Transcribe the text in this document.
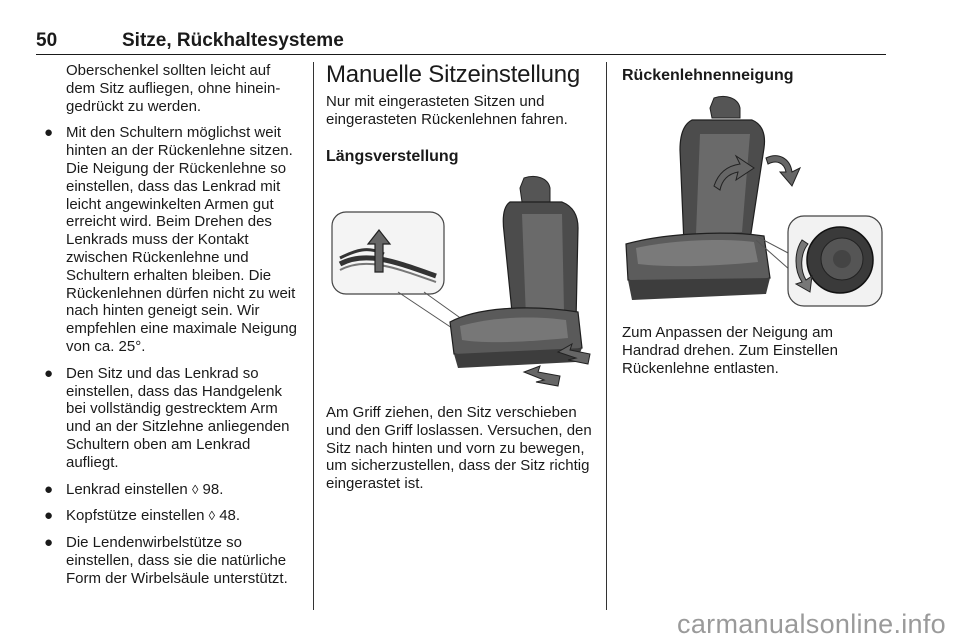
50	Sitze, Rückhaltesysteme

Oberschenkel sollten leicht auf dem Sitz aufliegen, ohne hineingedrückt zu werden.

● Mit den Schultern möglichst weit hinten an der Rückenlehne sitzen. Die Neigung der Rückenlehne so einstellen, dass das Lenkrad mit leicht angewinkelten Armen gut erreicht wird. Beim Drehen des Lenkrads muss der Kontakt zwischen Rückenlehne und Schultern erhalten bleiben. Die Rückenlehnen dürfen nicht zu weit nach hinten geneigt sein. Wir empfehlen eine maximale Neigung von ca. 25°.
● Den Sitz und das Lenkrad so einstellen, dass das Handgelenk bei vollständig gestrecktem Arm und an der Sitzlehne anliegenden Schultern oben am Lenkrad aufliegt.
● Lenkrad einstellen ◊ 98.
● Kopfstütze einstellen ◊ 48.
● Die Lendenwirbelstütze so einstellen, dass sie die natürliche Form der Wirbelsäule unterstützt.
Manuelle Sitzeinstellung

Nur mit eingerasteten Sitzen und eingerasteten Rückenlehnen fahren.

Längsverstellung

Am Griff ziehen, den Sitz verschieben und den Griff loslassen. Versuchen, den Sitz nach hinten und vorn zu bewegen, um sicherzustellen, dass der Sitz richtig eingerastet ist.

Rückenlehnenneigung

Zum Anpassen der Neigung am Handrad drehen. Zum Einstellen Rückenlehne entlasten.

carmanualsonline.info
